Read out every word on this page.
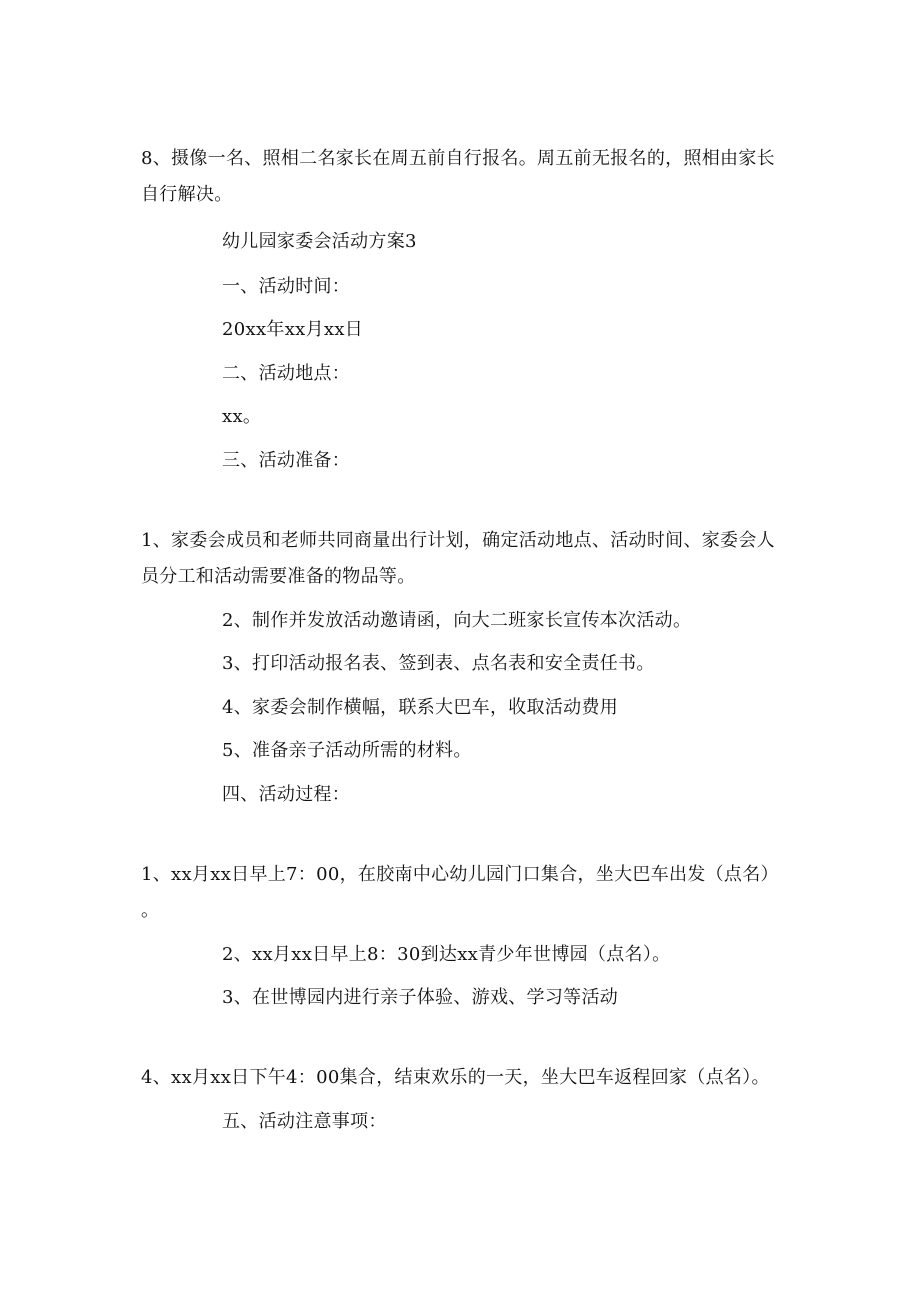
8、摄像一名、照相二名家长在周五前自行报名。周五前无报名的，照相由家长
自行解决。
幼儿园家委会活动方案3
一、活动时间：
20xx年xx月xx日
二、活动地点：
xx。
三、活动准备：
1、家委会成员和老师共同商量出行计划，确定活动地点、活动时间、家委会人
员分工和活动需要准备的物品等。
2、制作并发放活动邀请函，向大二班家长宣传本次活动。
3、打印活动报名表、签到表、点名表和安全责任书。
4、家委会制作横幅，联系大巴车，收取活动费用
5、准备亲子活动所需的材料。
四、活动过程：
1、xx月xx日早上7：00，在胶南中心幼儿园门口集合，坐大巴车出发（点名）
。
2、xx月xx日早上8：30到达xx青少年世博园（点名）。
3、在世博园内进行亲子体验、游戏、学习等活动
4、xx月xx日下午4：00集合，结束欢乐的一天，坐大巴车返程回家（点名）。
五、活动注意事项：
